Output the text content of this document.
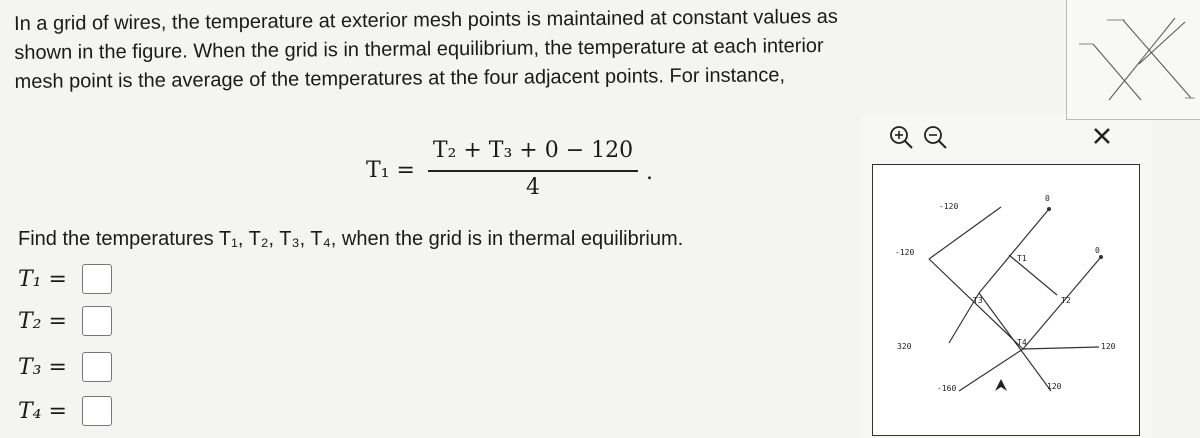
In a grid of wires, the temperature at exterior mesh points is maintained at constant values as shown in the figure. When the grid is in thermal equilibrium, the temperature at each interior mesh point is the average of the temperatures at the four adjacent points. For instance,

T₁ =
T₂ + T₃ + 0 − 120
4
.
Find the temperatures T₁, T₂, T₃, T₄, when the grid is in thermal equilibrium.
T₁ =
T₂ =
T₃ =
T₄ =
-120
0
-120
320
0
120
-160	120
T1
T2
T3
T4
